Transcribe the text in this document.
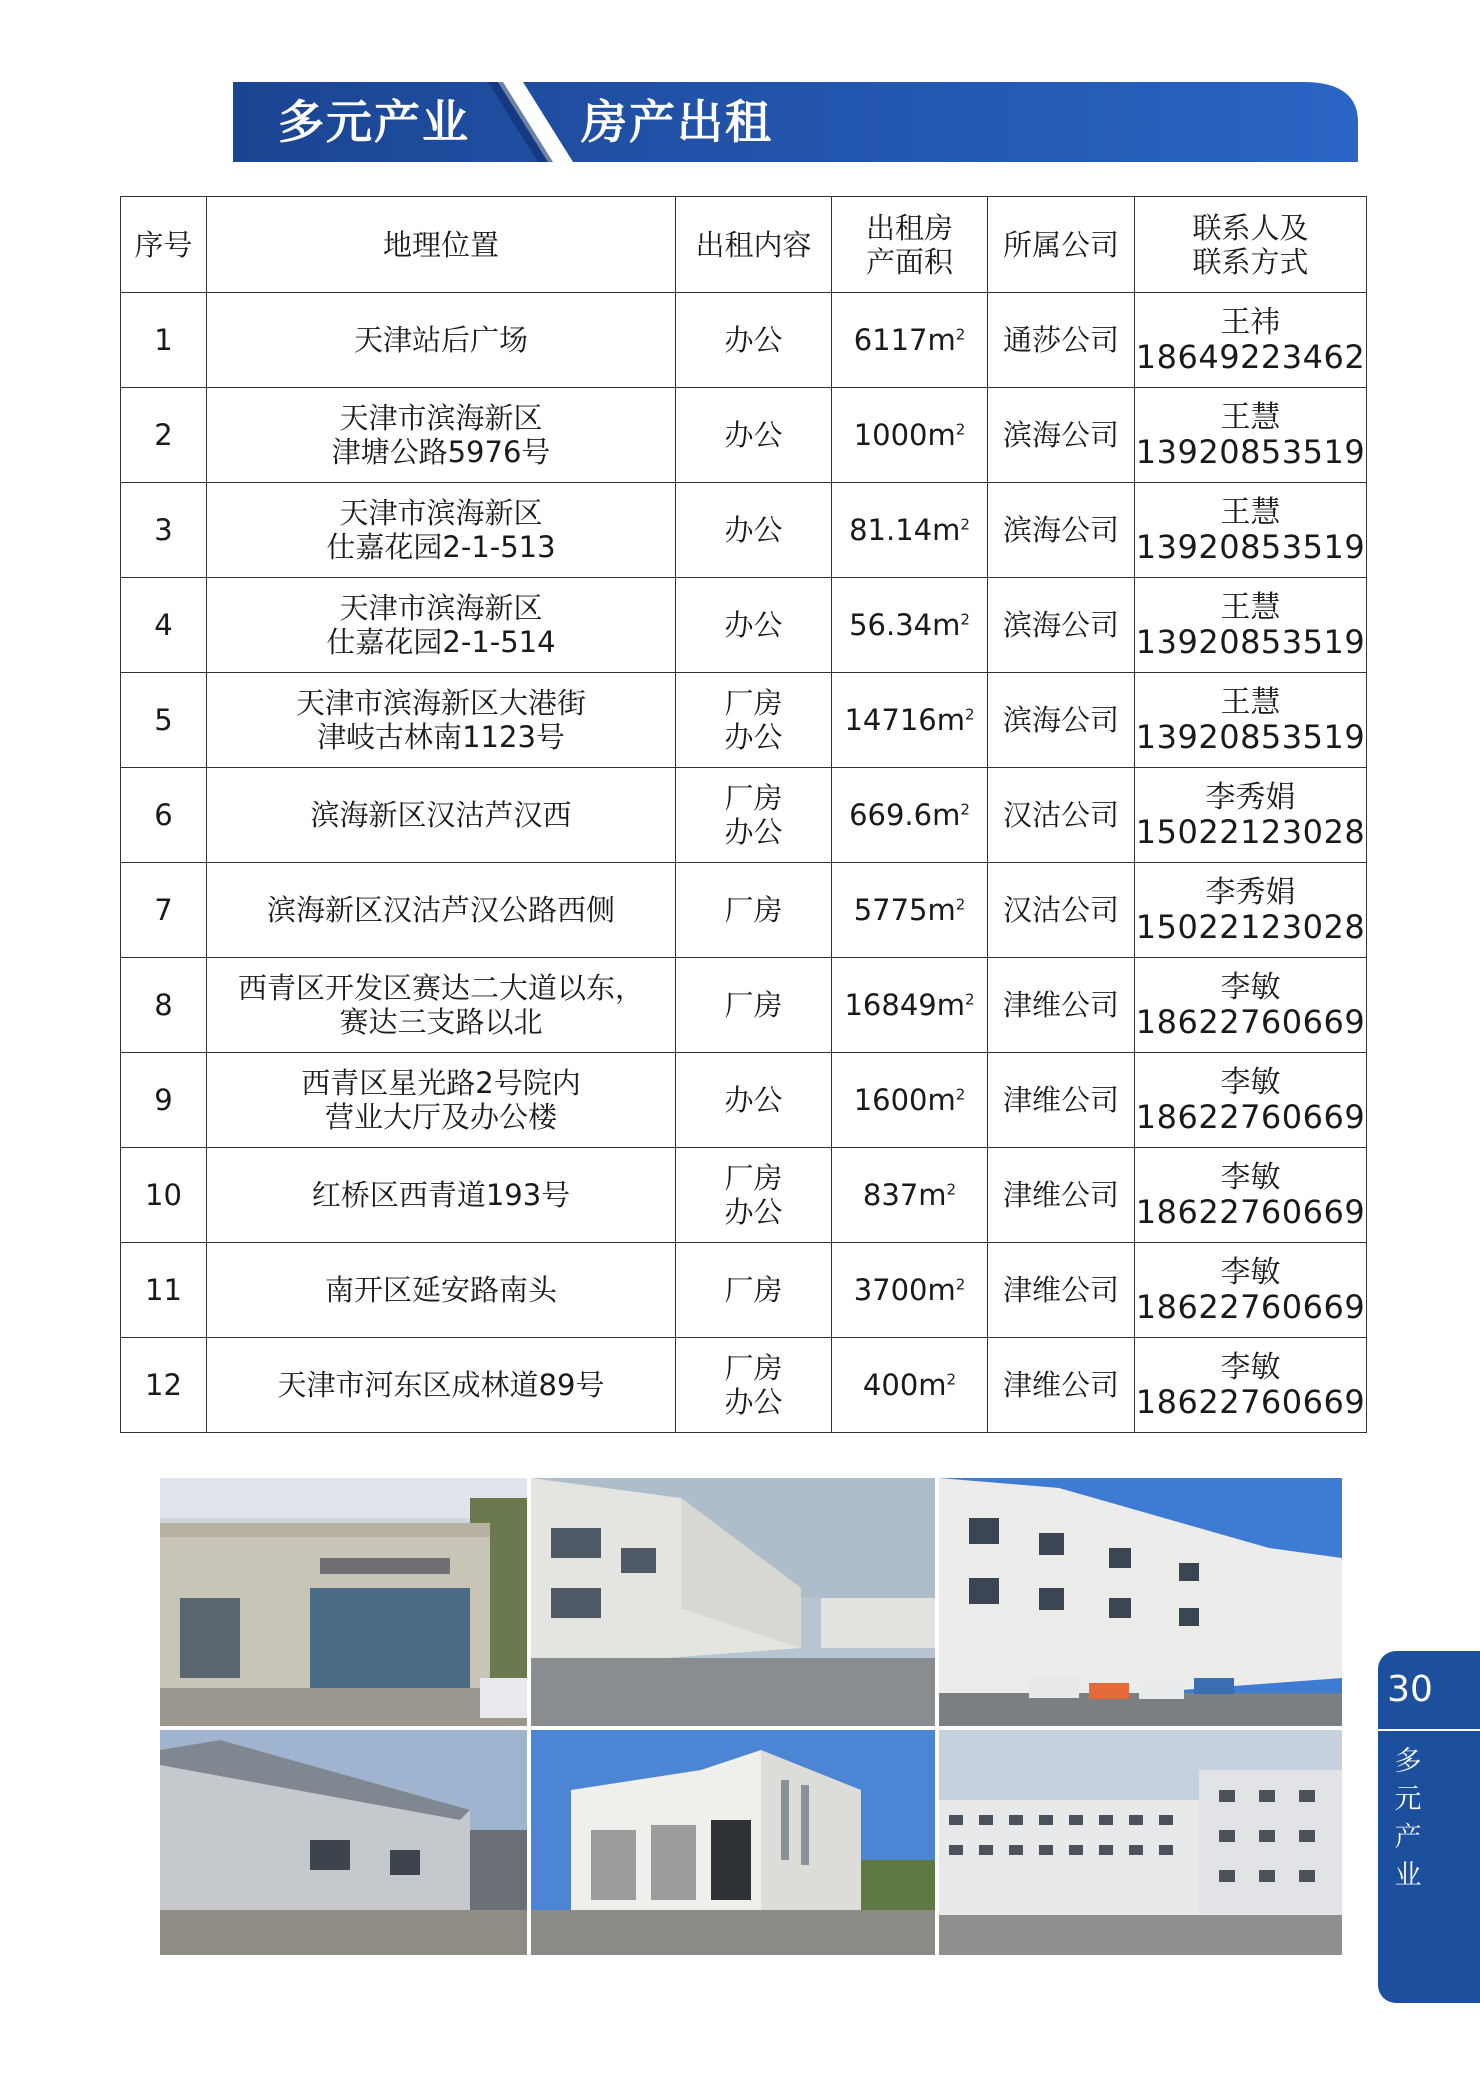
多元产业 房产出租
序号	地理位置	出租内容	出租房
产面积	所属公司	联系人及
联系方式

1	天津站后广场	办公	$6117m^2$	通莎公司	王祎
18649223462

2	天津市滨海新区
津塘公路5976号	办公	$1000m^2$	滨海公司	王慧
13920853519

3	天津市滨海新区
仕嘉花园2-1-513	办公	$81.14m^2$	滨海公司	王慧
13920853519

4	天津市滨海新区
仕嘉花园2-1-514	办公	$56.34m^2$	滨海公司	王慧
13920853519

5	天津市滨海新区大港街
津岐古林南1123号	厂房
办公	$14716m^2$	滨海公司	王慧
13920853519

6	滨海新区汉沽芦汉西	厂房
办公	$669.6m^2$	汉沽公司	李秀娟
15022123028

7	滨海新区汉沽芦汉公路西侧	厂房	$5775m^2$	汉沽公司	李秀娟
15022123028

8	西青区开发区赛达二大道以东，
赛达三支路以北	厂房	$16849m^2$	津维公司	李敏
18622760669

9	西青区星光路2号院内
营业大厅及办公楼	办公	$1600m^2$	津维公司	李敏
18622760669

10	红桥区西青道193号	厂房
办公	$837m^2$	津维公司	李敏
18622760669

11	南开区延安路南头	厂房	$3700m^2$	津维公司	李敏
18622760669

12	天津市河东区成林道89号	厂房
办公	$400m^2$	津维公司	李敏
18622760669
30
多
元
产
业
